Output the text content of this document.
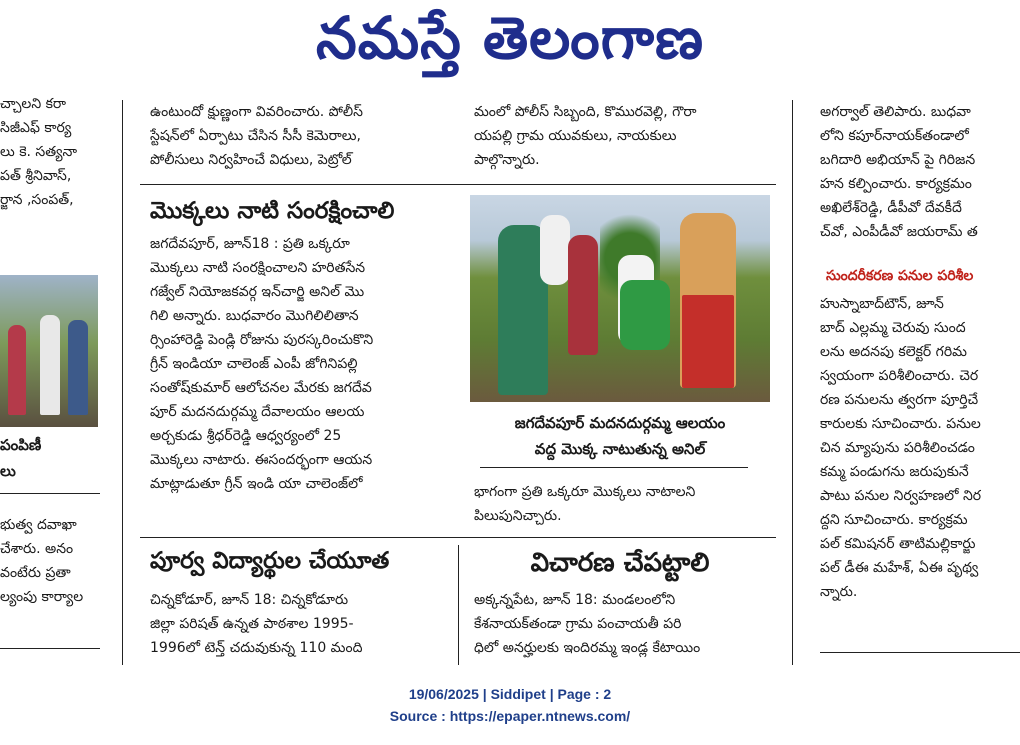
నమస్తే తెలంగాణ

చ్చాలని కరా

సిజీఎఫ్ కార్య

లు కె. సత్యనా

పత్ శ్రీనివాస్,

ర్జాన ,సంపత్,

పంపిణీ

లు

భుత్వ దవాఖా

చేశారు. అనం

వంటేరు ప్రతా

ల్యంపు కార్యాల

ఉంటుందో క్షుణ్ణంగా వివరించారు. పోలీస్

స్టేషన్‌లో ఏర్పాటు చేసిన సీసీ కెమెరాలు,

పోలీసులు నిర్వహించే విధులు, పెట్రోల్

మంలో పోలీస్ సిబ్బంది, కొమురవెల్లి, గౌరా

యపల్లి గ్రామ యువకులు, నాయకులు

పాల్గొన్నారు.

మొక్కలు నాటి సంరక్షించాలి

జగదేవపూర్, జూన్18 : ప్రతి ఒక్కరూ

మొక్కలు నాటి సంరక్షించాలని హరితసేన

గజ్వేల్ నియోజకవర్గ ఇన్‌చార్జి అనిల్ మొ

గిలి అన్నారు. బుధవారం మొగిలిలితాన

ర్సింహారెడ్డి పెండ్లి రోజును పురస్కరించుకొని

గ్రీన్ ఇండియా చాలెంజ్ ఎంపీ జోగినిపల్లి

సంతోష్‌కుమార్ ఆలోచనల మేరకు జగదేవ

పూర్ మదనదుర్గమ్మ దేవాలయం ఆలయ

అర్చకుడు శ్రీధర్‌రెడ్డి ఆధ్వర్యంలో 25

మొక్కలు నాటారు. ఈసందర్భంగా ఆయన

మాట్లాడుతూ గ్రీన్ ఇండి యా చాలెంజ్‌లో

జగదేవపూర్ మదనదుర్గమ్మ ఆలయం
వద్ద మొక్క నాటుతున్న అనిల్

భాగంగా ప్రతి ఒక్కరూ మొక్కలు నాటాలని

పిలుపునిచ్చారు.

పూర్వ విద్యార్థుల చేయూత

చిన్నకోడూర్, జూన్ 18: చిన్నకోడూరు

జిల్లా పరిషత్ ఉన్నత పాఠశాల 1995-

1996లో టెన్త్ చదువుకున్న 110 మంది

విచారణ చేపట్టాలి

అక్కన్నపేట, జూన్ 18: మండలంలోని

కేశనాయక్‌తండా గ్రామ పంచాయతీ పరి

ధిలో అనర్హులకు ఇందిరమ్మ ఇండ్ల కేటాయిం

అగర్వాల్ తెలిపారు. బుధవా

లోని కపూర్‌నాయక్‌తండాలో

బగిదారి అభియాన్ పై గిరిజన

హన కల్పించారు. కార్యక్రమం

అఖిలేశ్‌రెడ్డి, డీపీవో దేవకీదే

చ్‌వో, ఎంపీడీవో జయరామ్ త

సుందరీకరణ పనుల పరిశీల

హుస్నాబాద్‌టౌన్, జూన్

బాద్ ఎల్లమ్మ చెరువు సుంద

లను అదనపు కలెక్టర్ గరిమ

స్వయంగా పరిశీలించారు. చెర

రణ పనులను త్వరగా పూర్తిచే

కారులకు సూచించారు. పనుల

చిన మ్యాపును పరిశీలించడం

కమ్మ పండుగను జరుపుకునే

పాటు పనుల నిర్వహణలో నిర

ద్దని సూచించారు. కార్యక్రమ

పల్ కమిషనర్ తాటిమల్లికార్జు

పల్ డీఈ మహేశ్, ఏఈ పృథ్వ

న్నారు.

19/06/2025 | Siddipet | Page : 2
Source : https://epaper.ntnews.com/
